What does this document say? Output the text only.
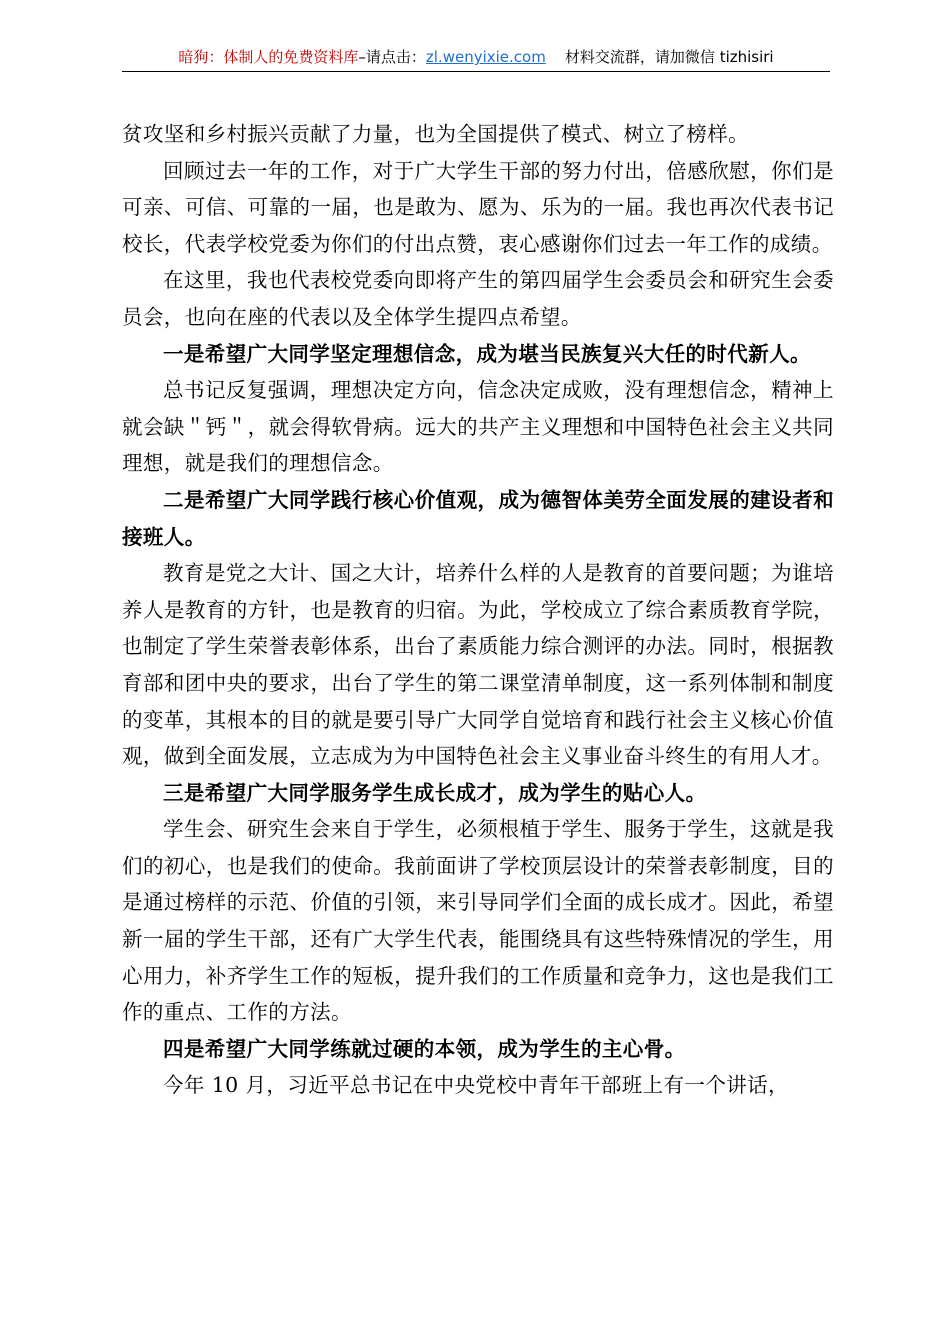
暗狗：体制人的免费资料库–请点击：zl.wenyixie.com 材料交流群，请加微信 tizhisiri

贫攻坚和乡村振兴贡献了力量，也为全国提供了模式、树立了榜样。

回顾过去一年的工作，对于广大学生干部的努力付出，倍感欣慰，你们是可亲、可信、可靠的一届，也是敢为、愿为、乐为的一届。我也再次代表书记校长，代表学校党委为你们的付出点赞，衷心感谢你们过去一年工作的成绩。

在这里，我也代表校党委向即将产生的第四届学生会委员会和研究生会委员会，也向在座的代表以及全体学生提四点希望。

一是希望广大同学坚定理想信念，成为堪当民族复兴大任的时代新人。

总书记反复强调，理想决定方向，信念决定成败，没有理想信念，精神上就会缺＂钙＂，就会得软骨病。远大的共产主义理想和中国特色社会主义共同理想，就是我们的理想信念。

二是希望广大同学践行核心价值观，成为德智体美劳全面发展的建设者和接班人。

教育是党之大计、国之大计，培养什么样的人是教育的首要问题；为谁培养人是教育的方针，也是教育的归宿。为此，学校成立了综合素质教育学院，也制定了学生荣誉表彰体系，出台了素质能力综合测评的办法。同时，根据教育部和团中央的要求，出台了学生的第二课堂清单制度，这一系列体制和制度的变革，其根本的目的就是要引导广大同学自觉培育和践行社会主义核心价值观，做到全面发展，立志成为为中国特色社会主义事业奋斗终生的有用人才。

三是希望广大同学服务学生成长成才，成为学生的贴心人。

学生会、研究生会来自于学生，必须根植于学生、服务于学生，这就是我们的初心，也是我们的使命。我前面讲了学校顶层设计的荣誉表彰制度，目的是通过榜样的示范、价值的引领，来引导同学们全面的成长成才。因此，希望新一届的学生干部，还有广大学生代表，能围绕具有这些特殊情况的学生，用心用力，补齐学生工作的短板，提升我们的工作质量和竞争力，这也是我们工作的重点、工作的方法。

四是希望广大同学练就过硬的本领，成为学生的主心骨。

今年 10 月，习近平总书记在中央党校中青年干部班上有一个讲话，
